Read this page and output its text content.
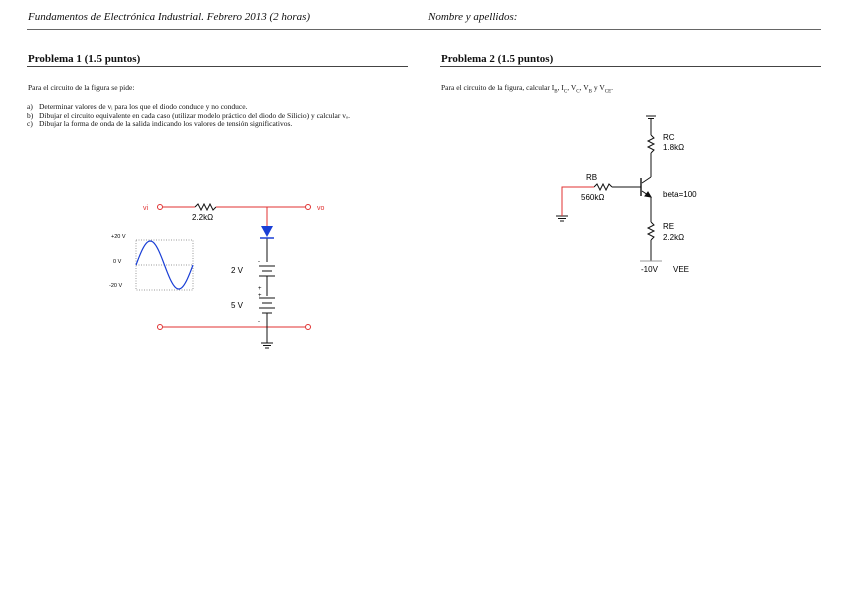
Fundamentos de Electrónica Industrial. Febrero 2013 (2 horas)	Nombre y apellidos:
Problema 1 (1.5 puntos)
Para el circuito de la figura se pide:
a) Determinar valores de vᵢ para los que el diodo conduce y no conduce.
b) Dibujar el circuito equivalente en cada caso (utilizar modelo práctico del diodo de Silicio) y calcular vₒ.
c) Dibujar la forma de onda de la salida indicando los valores de tensión significativos.
vi	vo
2.2kΩ
2 V
5 V
-
+
+
-
+20 V
0 V
-20 V
Problema 2 (1.5 puntos)
Para el circuito de la figura, calcular $I_B$, $I_C$, $V_C$, $V_B$ y $V_{CE}$.
RC
1.8kΩ
RB
560kΩ	beta=100
RE
2.2kΩ
-10V VEE
